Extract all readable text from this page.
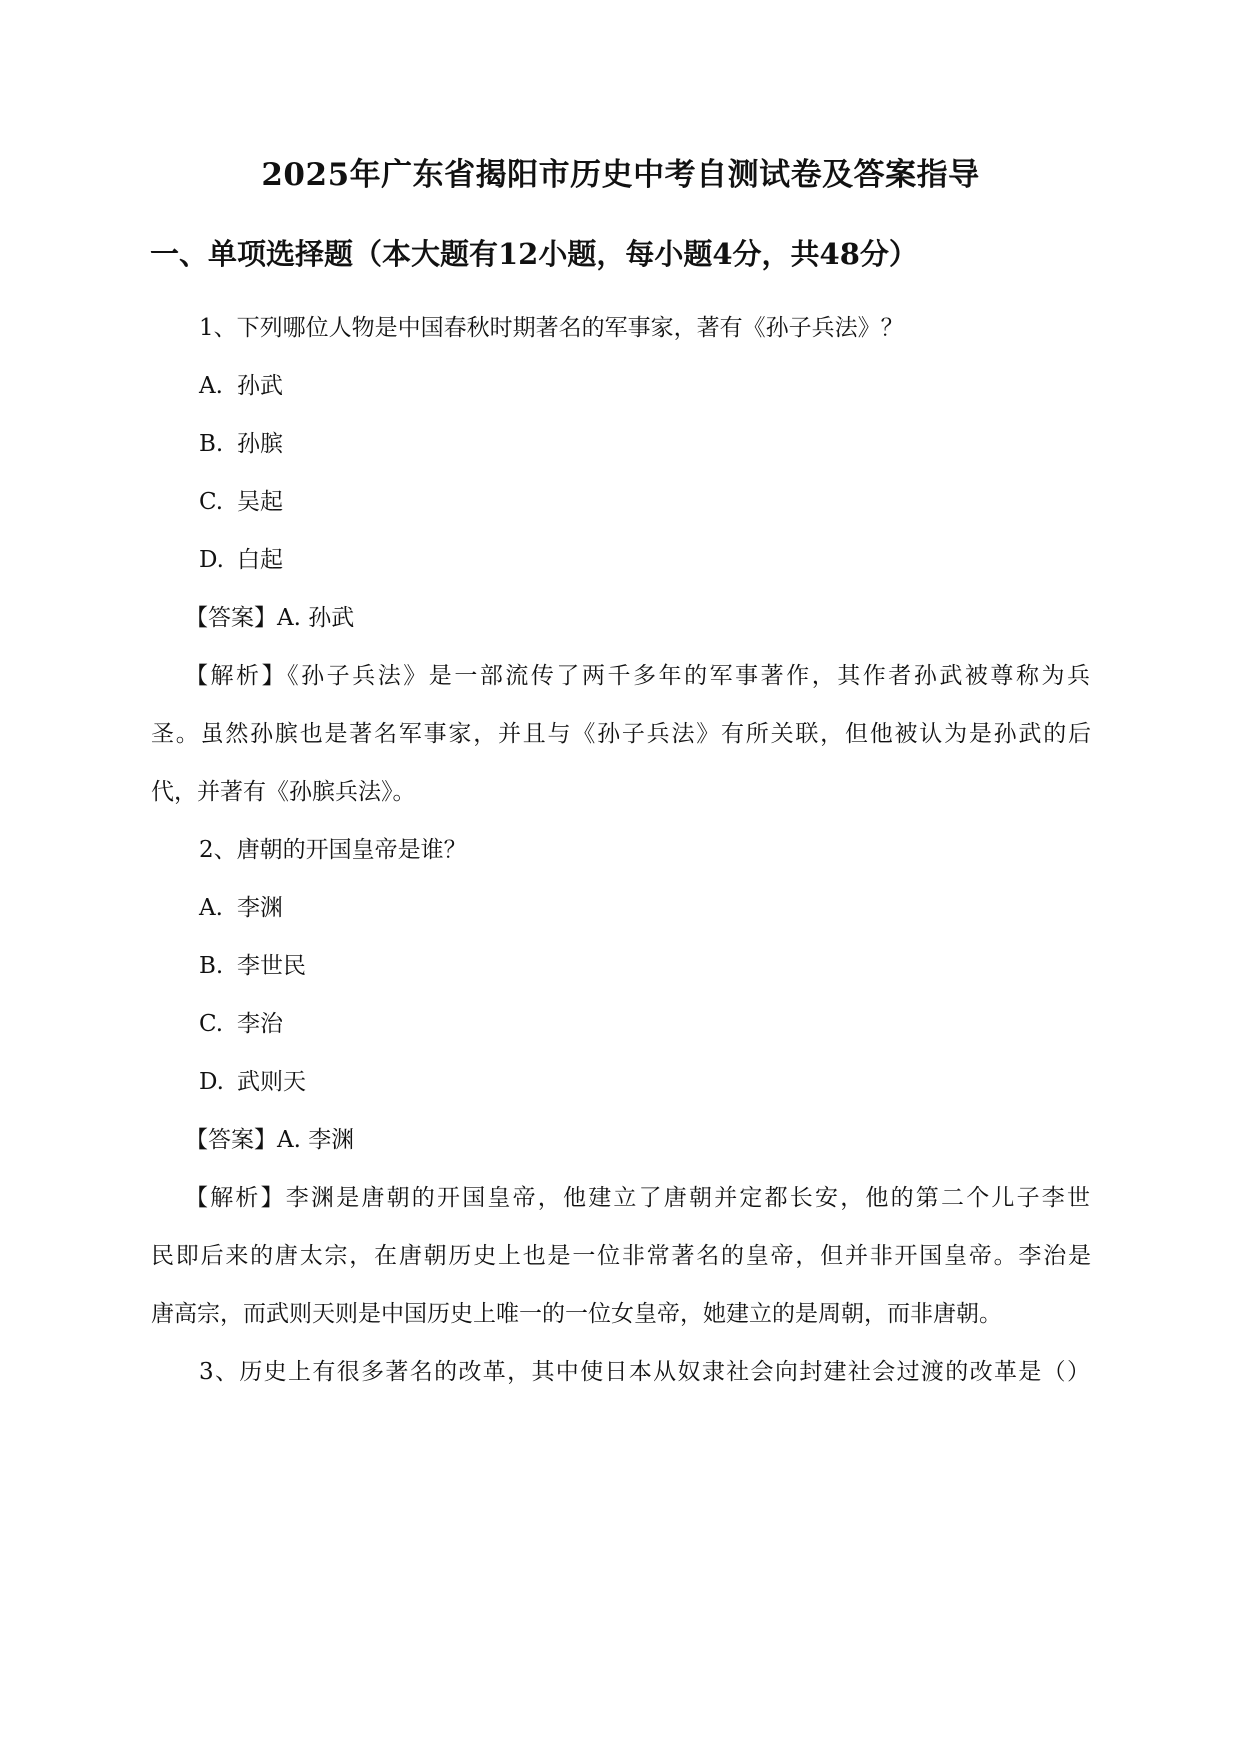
2025年广东省揭阳市历史中考自测试卷及答案指导
一、单项选择题（本大题有12小题，每小题4分，共48分）
1、下列哪位人物是中国春秋时期著名的军事家，著有《孙子兵法》？
A. 孙武
B. 孙膑
C. 吴起
D. 白起
【答案】A. 孙武
【解析】《孙子兵法》是一部流传了两千多年的军事著作，其作者孙武被尊称为兵
圣。虽然孙膑也是著名军事家，并且与《孙子兵法》有所关联，但他被认为是孙武的后
代，并著有《孙膑兵法》。
2、唐朝的开国皇帝是谁？
A. 李渊
B. 李世民
C. 李治
D. 武则天
【答案】A. 李渊
【解析】李渊是唐朝的开国皇帝，他建立了唐朝并定都长安，他的第二个儿子李世
民即后来的唐太宗，在唐朝历史上也是一位非常著名的皇帝，但并非开国皇帝。李治是
唐高宗，而武则天则是中国历史上唯一的一位女皇帝，她建立的是周朝，而非唐朝。
3、历史上有很多著名的改革，其中使日本从奴隶社会向封建社会过渡的改革是（）
